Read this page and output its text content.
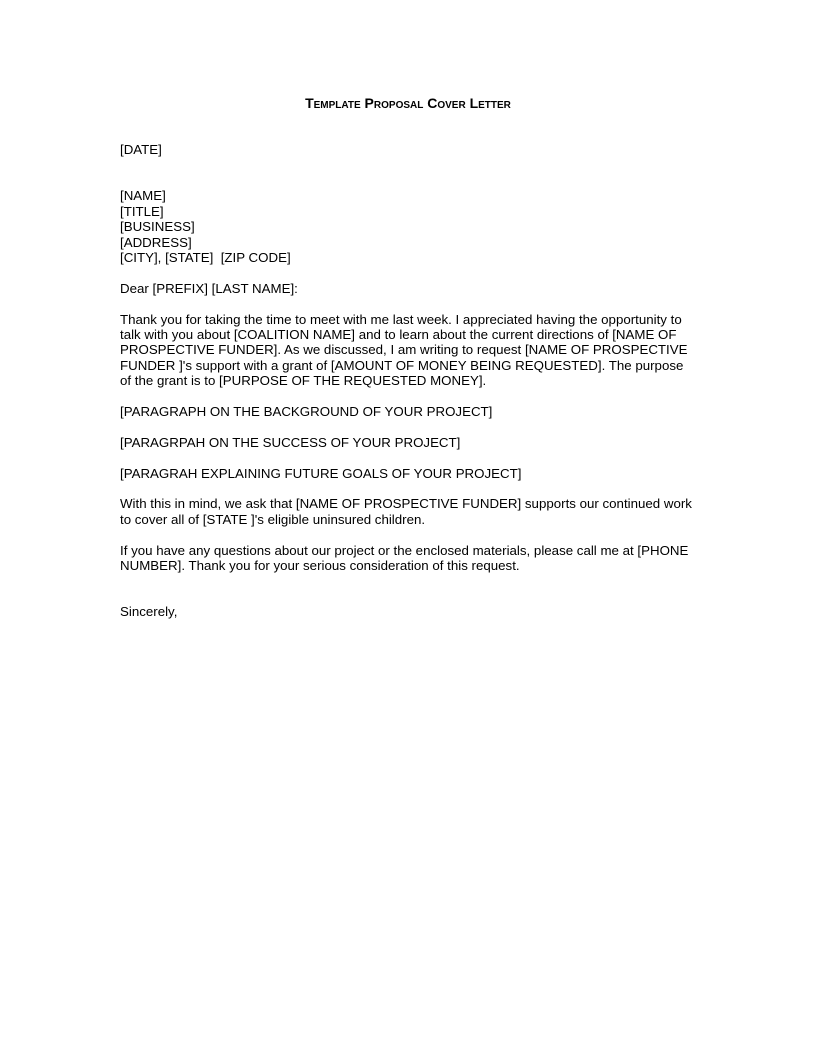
Template Proposal Cover Letter

[DATE]

[NAME]

[TITLE]

[BUSINESS]

[ADDRESS]

[CITY], [STATE]  [ZIP CODE]

Dear [PREFIX] [LAST NAME]:

Thank you for taking the time to meet with me last week. I appreciated having the opportunity to talk with you about [COALITION NAME] and to learn about the current directions of [NAME OF PROSPECTIVE FUNDER]. As we discussed, I am writing to request [NAME OF PROSPECTIVE FUNDER ]'s support with a grant of [AMOUNT OF MONEY BEING REQUESTED]. The purpose of the grant is to [PURPOSE OF THE REQUESTED MONEY].

[PARAGRAPH ON THE BACKGROUND OF YOUR PROJECT]

[PARAGRPAH ON THE SUCCESS OF YOUR PROJECT]

[PARAGRAH EXPLAINING FUTURE GOALS OF YOUR PROJECT]

With this in mind, we ask that [NAME OF PROSPECTIVE FUNDER] supports our continued work to cover all of [STATE ]'s eligible uninsured children.

If you have any questions about our project or the enclosed materials, please call me at [PHONE NUMBER]. Thank you for your serious consideration of this request.

Sincerely,
